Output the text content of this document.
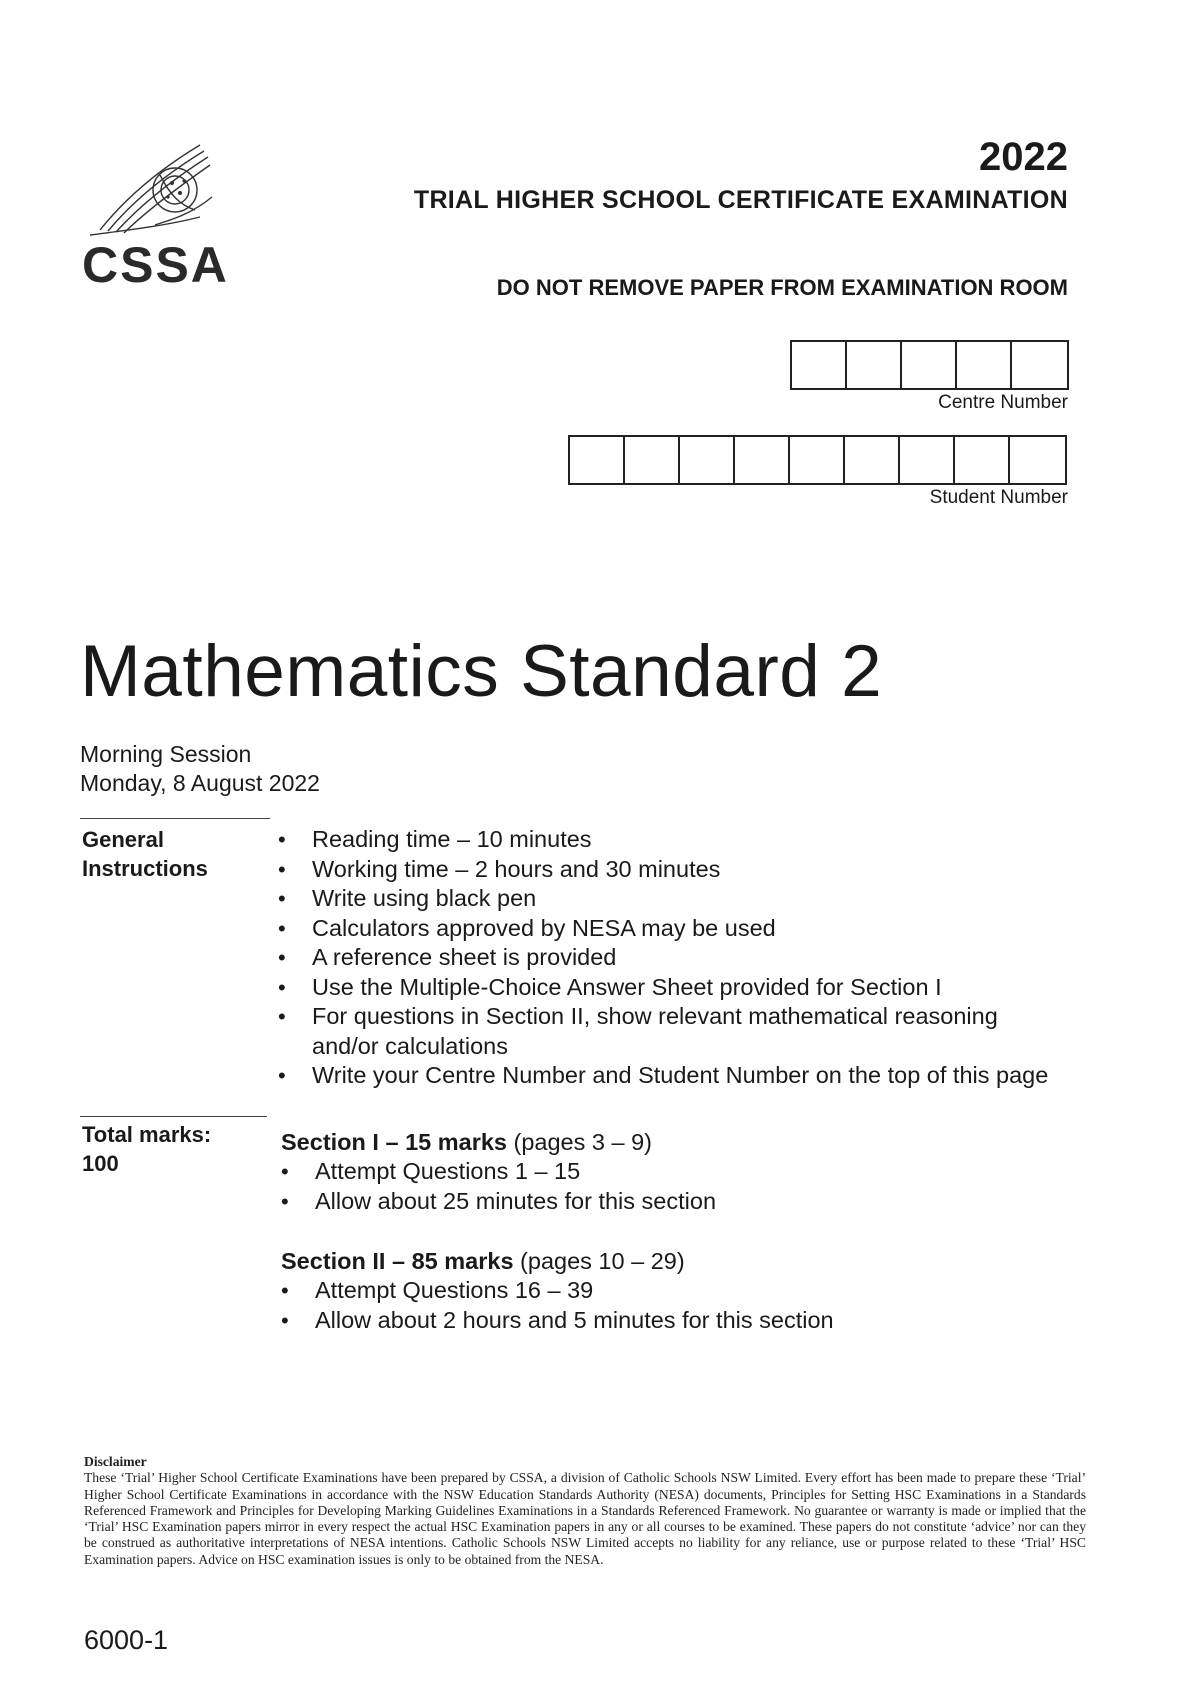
CSSA
2022
TRIAL HIGHER SCHOOL CERTIFICATE EXAMINATION
DO NOT REMOVE PAPER FROM EXAMINATION ROOM
Centre Number
Student Number
Mathematics Standard 2
Morning Session
Monday, 8 August 2022
General
Instructions
• Reading time – 10 minutes
• Working time – 2 hours and 30 minutes
• Write using black pen
• Calculators approved by NESA may be used
• A reference sheet is provided
• Use the Multiple-Choice Answer Sheet provided for Section I
• For questions in Section II, show relevant mathematical reasoning and/or calculations
• Write your Centre Number and Student Number on the top of this page
Total marks:
100
Section I – 15 marks (pages 3 – 9)
• Attempt Questions 1 – 15
• Allow about 25 minutes for this section
Section II – 85 marks (pages 10 – 29)
• Attempt Questions 16 – 39
• Allow about 2 hours and 5 minutes for this section
Disclaimer
These ‘Trial’ Higher School Certificate Examinations have been prepared by CSSA, a division of Catholic Schools NSW Limited. Every effort has been made to prepare these ‘Trial’ Higher School Certificate Examinations in accordance with the NSW Education Standards Authority (NESA) documents, Principles for Setting HSC Examinations in a Standards Referenced Framework and Principles for Developing Marking Guidelines Examinations in a Standards Referenced Framework. No guarantee or warranty is made or implied that the ‘Trial’ HSC Examination papers mirror in every respect the actual HSC Examination papers in any or all courses to be examined. These papers do not constitute ‘advice’ nor can they be construed as authoritative interpretations of NESA intentions. Catholic Schools NSW Limited accepts no liability for any reliance, use or purpose related to these ‘Trial’ HSC Examination papers. Advice on HSC examination issues is only to be obtained from the NESA.
6000-1
